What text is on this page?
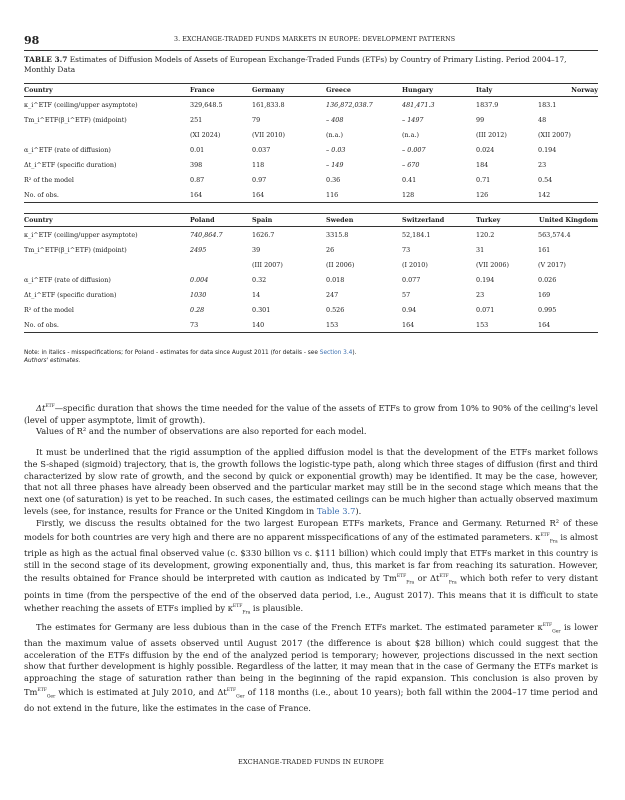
98	3. EXCHANGE-TRADED FUNDS MARKETS IN EUROPE: DEVELOPMENT PATTERNS
TABLE 3.7 Estimates of Diffusion Models of Assets of European Exchange-Traded Funds (ETFs) by Country of Primary Listing. Period 2004–17, Monthly Data
Country	France	Germany	Greece	Hungary	Italy	Norway
κ_i^ETF (ceiling/upper asymptote)	329,648.5	161,833.8	136,872,038.7	481,471.3	1837.9	183.1
Tm_i^ETF(β_i^ETF) (midpoint)	251	79	– 408	– 1497	99	48
	(XI 2024)	(VII 2010)	(n.a.)	(n.a.)	(III 2012)	(XII 2007)
α_i^ETF (rate of diffusion)	0.01	0.037	– 0.03	– 0.007	0.024	0.194
Δt_i^ETF (specific duration)	398	118	– 149	– 670	184	23
R² of the model	0.87	0.97	0.36	0.41	0.71	0.54
No. of obs.	164	164	116	128	126	142
Country	Poland	Spain	Sweden	Switzerland	Turkey	United Kingdom
κ_i^ETF (ceiling/upper asymptote)	740,864.7	1626.7	3315.8	52,184.1	120.2	563,574.4
Tm_i^ETF(β_i^ETF) (midpoint)	2495	39	26	73	31	161
		(III 2007)	(II 2006)	(I 2010)	(VII 2006)	(V 2017)
α_i^ETF (rate of diffusion)	0.004	0.32	0.018	0.077	0.194	0.026
Δt_i^ETF (specific duration)	1030	14	247	57	23	169
R² of the model	0.28	0.301	0.526	0.94	0.071	0.995
No. of obs.	73	140	153	164	153	164
Note: in italics - misspecifications; for Poland - estimates for data since August 2011 (for details - see Section 3.4).
Authors' estimates.

$\Delta t^{ETF}—specific$ duration that shows the time needed for the value of the assets of ETFs to grow from 10% to 90% of the ceiling's level (level of upper asymptote, limit of growth).

Values of R² and the number of observations are also reported for each model.

It must be underlined that the rigid assumption of the applied diffusion model is that the development of the ETFs market follows the S-shaped (sigmoid) trajectory, that is, the growth follows the logistic-type path, along which three stages of diffusion (first and third characterized by slow rate of growth, and the second by quick or exponential growth) may be identified. It may be the case, however, that not all three phases have already been observed and the particular market may still be in the second stage which means that the next one (of saturation) is yet to be reached. In such cases, the estimated ceilings can be much higher than actually observed maximum levels (see, for instance, results for France or the United Kingdom in Table 3.7).

Firstly, we discuss the results obtained for the two largest European ETFs markets, France and Germany. Returned R² of these models for both countries are very high and there are no apparent misspecifications of any of the estimated parameters. $\kappa^{ETF}_{Fra}$ is almost triple as high as the actual final observed value (c. $330 billion vs c. $111 billion) which could imply that ETFs market in this country is still in the second stage of its development, growing exponentially and, thus, this market is far from reaching its saturation. However, the results obtained for France should be interpreted with caution as indicated by $Tm^{ETF}_{Fra}$ or $\Delta t^{ETF}_{Fra}$ which both refer to very distant points in time (from the perspective of the end of the observed data period, i.e., August 2017). This means that it is difficult to state whether reaching the assets of ETFs implied by $\kappa^{ETF}_{Fra}$ is plausible.

The estimates for Germany are less dubious than in the case of the French ETFs market. The estimated parameter $\kappa^{ETF}_{Ger}$ is lower than the maximum value of assets observed until August 2017 (the difference is about $28 billion) which could suggest that the acceleration of the ETFs diffusion by the end of the analyzed period is temporary; however, projections discussed in the next section show that further development is highly possible. Regardless of the latter, it may mean that in the case of Germany the ETFs market is approaching the stage of saturation rather than being in the beginning of the rapid expansion. This conclusion is also proven by $Tm^{ETF}_{Ger}$ which is estimated at July 2010, and $\Delta t^{ETF}_{Ger}$ of 118 months (i.e., about 10 years); both fall within the 2004–17 time period and do not extend in the future, like the estimates in the case of France.

EXCHANGE-TRADED FUNDS IN EUROPE
